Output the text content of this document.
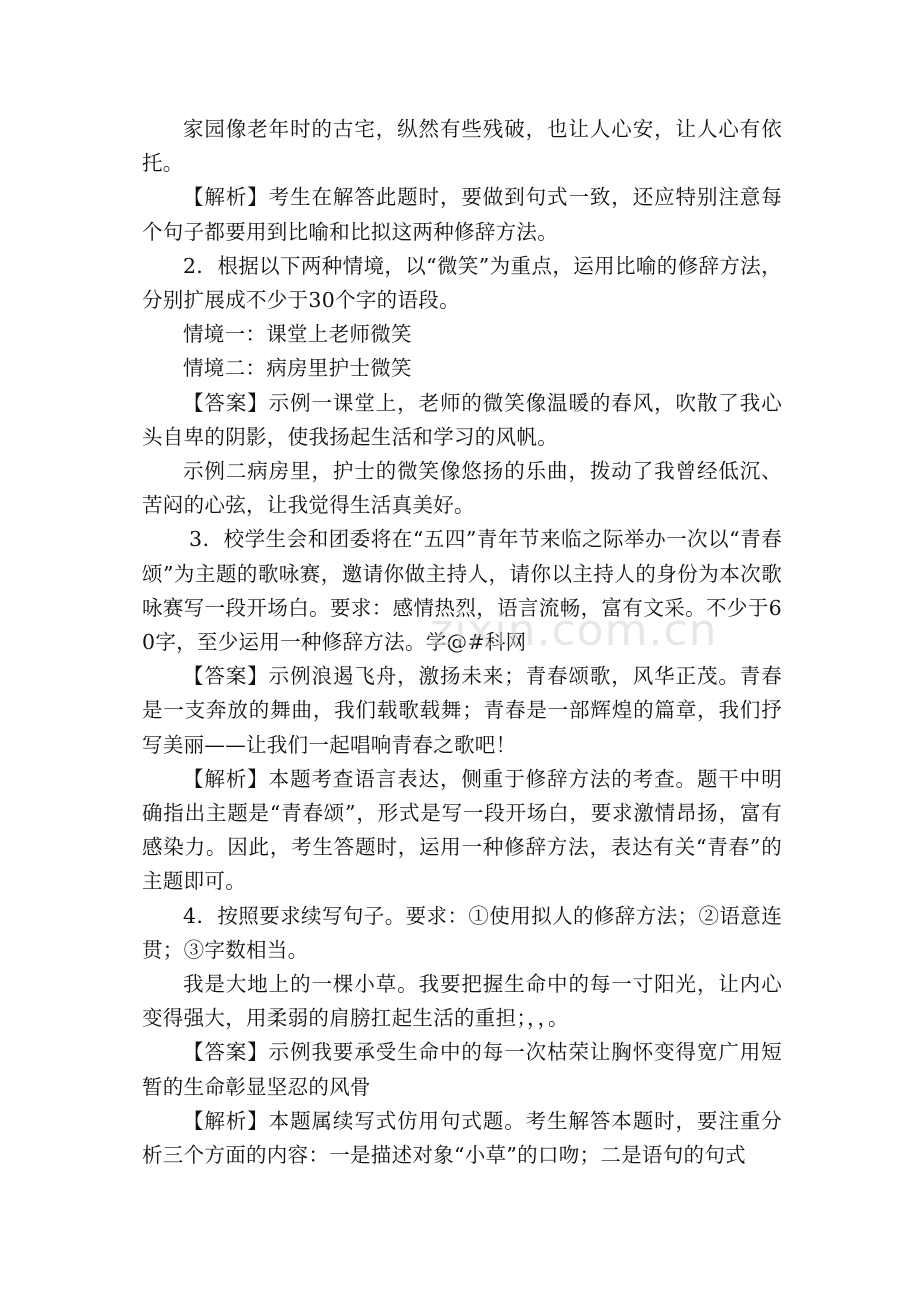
家园像老年时的古宅，纵然有些残破，也让人心安，让人心有依托。

【解析】考生在解答此题时，要做到句式一致，还应特别注意每个句子都要用到比喻和比拟这两种修辞方法。

2．根据以下两种情境，以“微笑”为重点，运用比喻的修辞方法，分别扩展成不少于30个字的语段。

情境一：课堂上老师微笑

情境二：病房里护士微笑

【答案】示例一课堂上，老师的微笑像温暖的春风，吹散了我心头自卑的阴影，使我扬起生活和学习的风帆。

示例二病房里，护士的微笑像悠扬的乐曲，拨动了我曾经低沉、苦闷的心弦，让我觉得生活真美好。

3．校学生会和团委将在“五四”青年节来临之际举办一次以“青春颂”为主题的歌咏赛，邀请你做主持人，请你以主持人的身份为本次歌咏赛写一段开场白。要求：感情热烈，语言流畅，富有文采。不少于60字，至少运用一种修辞方法。学@#科网

【答案】示例浪遏飞舟，激扬未来；青春颂歌，风华正茂。青春是一支奔放的舞曲，我们载歌载舞；青春是一部辉煌的篇章，我们抒写美丽——让我们一起唱响青春之歌吧！

【解析】本题考查语言表达，侧重于修辞方法的考查。题干中明确指出主题是“青春颂”，形式是写一段开场白，要求激情昂扬，富有感染力。因此，考生答题时，运用一种修辞方法，表达有关“青春”的主题即可。

4．按照要求续写句子。要求：①使用拟人的修辞方法；②语意连贯；③字数相当。

我是大地上的一棵小草。我要把握生命中的每一寸阳光，让内心变得强大，用柔弱的肩膀扛起生活的重担；，，。

【答案】示例我要承受生命中的每一次枯荣让胸怀变得宽广用短暂的生命彰显坚忍的风骨

【解析】本题属续写式仿用句式题。考生解答本题时，要注重分析三个方面的内容：一是描述对象“小草”的口吻；二是语句的句式

zixin.com.cn
